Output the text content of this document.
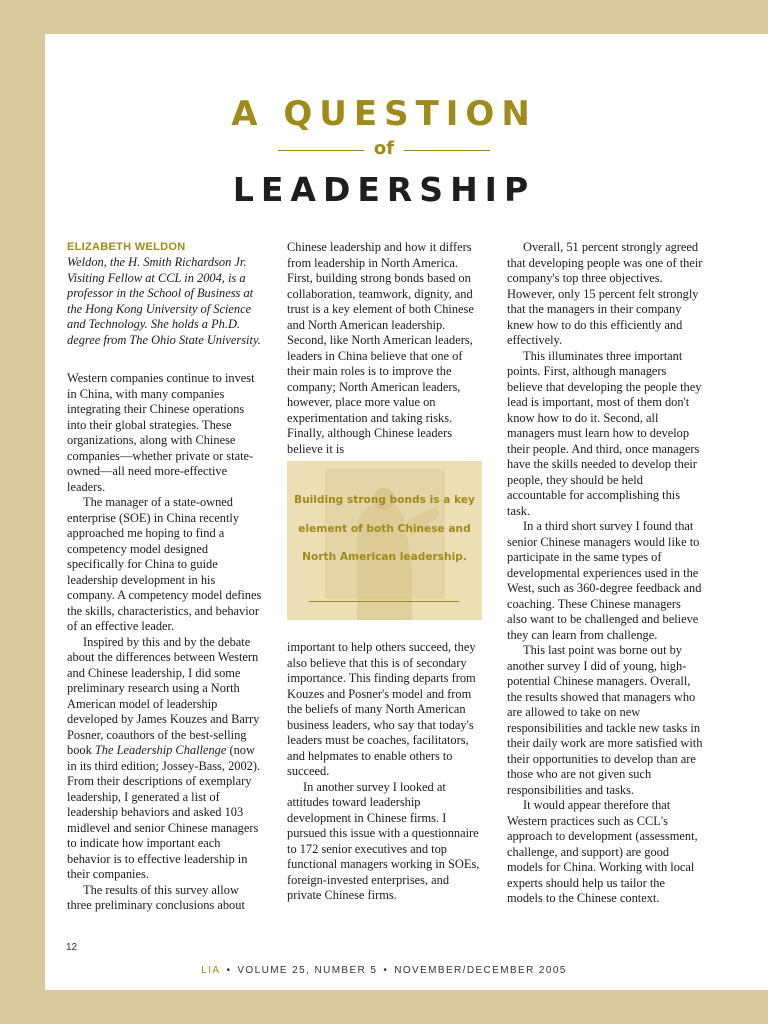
A QUESTION
of
LEADERSHIP
ELIZABETH WELDON
Weldon, the H. Smith Richardson Jr. Visiting Fellow at CCL in 2004, is a professor in the School of Business at the Hong Kong University of Science and Technology. She holds a Ph.D. degree from The Ohio State University.

Western companies continue to invest in China, with many companies integrating their Chinese operations into their global strategies. These organizations, along with Chinese companies—whether private or state-owned—all need more-effective leaders.

The manager of a state-owned enterprise (SOE) in China recently approached me hoping to find a competency model designed specifically for China to guide leadership development in his company. A competency model defines the skills, characteristics, and behavior of an effective leader.

Inspired by this and by the debate about the differences between Western and Chinese leadership, I did some preliminary research using a North American model of leadership developed by James Kouzes and Barry Posner, coauthors of the best-selling book The Leadership Challenge (now in its third edition; Jossey-Bass, 2002). From their descriptions of exemplary leadership, I generated a list of leadership behaviors and asked 103 midlevel and senior Chinese managers to indicate how important each behavior is to effective leadership in their companies.

The results of this survey allow three preliminary conclusions about

Chinese leadership and how it differs from leadership in North America. First, building strong bonds based on collaboration, teamwork, dignity, and trust is a key element of both Chinese and North American leadership. Second, like North American leaders, leaders in China believe that one of their main roles is to improve the company; North American leaders, however, place more value on experimentation and taking risks. Finally, although Chinese leaders believe it is

Building strong bonds is a key element of both Chinese and North American leadership.

important to help others succeed, they also believe that this is of secondary importance. This finding departs from Kouzes and Posner's model and from the beliefs of many North American business leaders, who say that today's leaders must be coaches, facilitators, and helpmates to enable others to succeed.

In another survey I looked at attitudes toward leadership development in Chinese firms. I pursued this issue with a questionnaire to 172 senior executives and top functional managers working in SOEs, foreign-invested enterprises, and private Chinese firms.

Overall, 51 percent strongly agreed that developing people was one of their company's top three objectives. However, only 15 percent felt strongly that the managers in their company knew how to do this efficiently and effectively.

This illuminates three important points. First, although managers believe that developing the people they lead is important, most of them don't know how to do it. Second, all managers must learn how to develop their people. And third, once managers have the skills needed to develop their people, they should be held accountable for accomplishing this task.

In a third short survey I found that senior Chinese managers would like to participate in the same types of developmental experiences used in the West, such as 360-degree feedback and coaching. These Chinese managers also want to be challenged and believe they can learn from challenge.

This last point was borne out by another survey I did of young, high-potential Chinese managers. Overall, the results showed that managers who are allowed to take on new responsibilities and tackle new tasks in their daily work are more satisfied with their opportunities to develop than are those who are not given such responsibilities and tasks.

It would appear therefore that Western practices such as CCL's approach to development (assessment, challenge, and support) are good models for China. Working with local experts should help us tailor the models to the Chinese context.

12
LIA • VOLUME 25, NUMBER 5 • NOVEMBER/DECEMBER 2005
